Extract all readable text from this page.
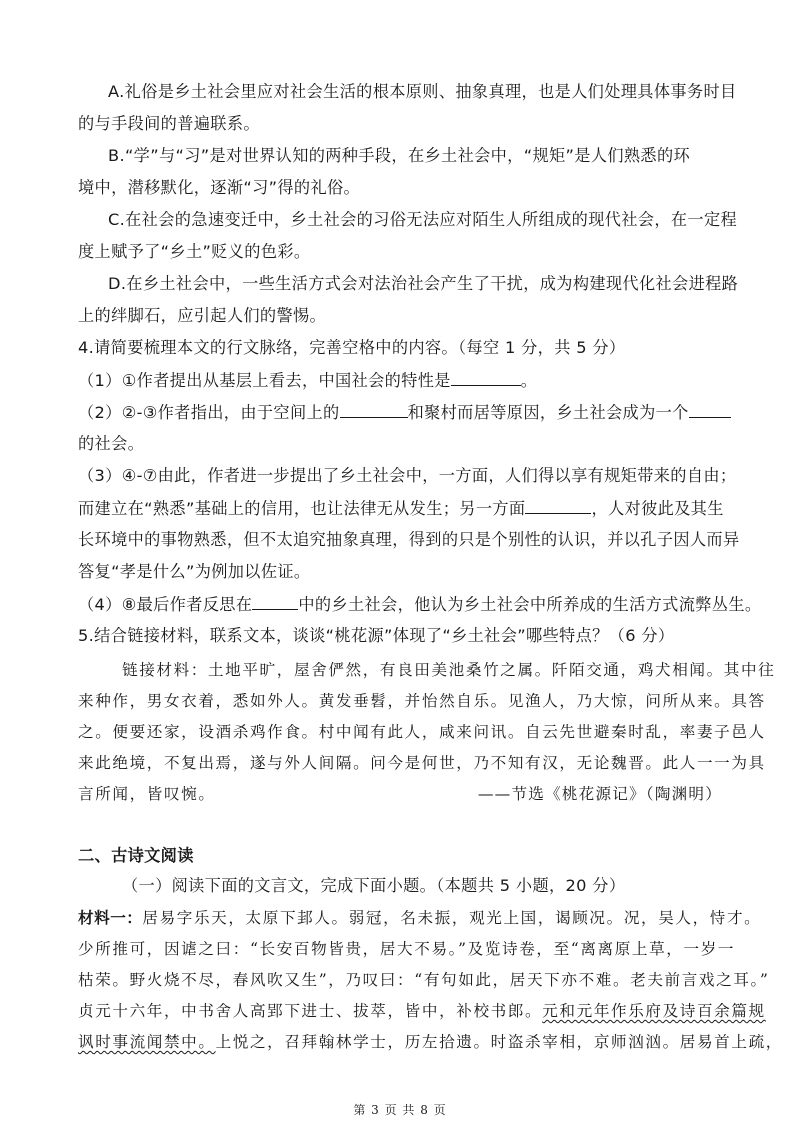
A.礼俗是乡土社会里应对社会生活的根本原则、抽象真理，也是人们处理具体事务时目
的与手段间的普遍联系。
B.“学”与“习”是对世界认知的两种手段，在乡土社会中，“规矩”是人们熟悉的环
境中，潜移默化，逐渐“习”得的礼俗。
C.在社会的急速变迁中，乡土社会的习俗无法应对陌生人所组成的现代社会，在一定程
度上赋予了“乡土”贬义的色彩。
D.在乡土社会中，一些生活方式会对法治社会产生了干扰，成为构建现代化社会进程路
上的绊脚石，应引起人们的警惕。
4.请简要梳理本文的行文脉络，完善空格中的内容。（每空 1 分，共 5 分）
（1）①作者提出从基层上看去，中国社会的特性是	。
（2）②-③作者指出，由于空间上的	和聚村而居等原因，乡土社会成为一个
的社会。
（3）④-⑦由此，作者进一步提出了乡土社会中，一方面，人们得以享有规矩带来的自由；
而建立在“熟悉”基础上的信用，也让法律无从发生；另一方面	，人对彼此及其生
长环境中的事物熟悉，但不太追究抽象真理，得到的只是个别性的认识，并以孔子因人而异
答复“孝是什么”为例加以佐证。
（4）⑧最后作者反思在	中的乡土社会，他认为乡土社会中所养成的生活方式流弊丛生。
5.结合链接材料，联系文本，谈谈“桃花源”体现了“乡土社会”哪些特点？（6 分）
链接材料：土地平旷，屋舍俨然，有良田美池桑竹之属。阡陌交通，鸡犬相闻。其中往
来种作，男女衣着，悉如外人。黄发垂髫，并怡然自乐。见渔人，乃大惊，问所从来。具答
之。便要还家，设酒杀鸡作食。村中闻有此人，咸来问讯。自云先世避秦时乱，率妻子邑人
来此绝境，不复出焉，遂与外人间隔。问今是何世，乃不知有汉，无论魏晋。此人一一为具
言所闻，皆叹惋。	——节选《桃花源记》（陶渊明）
二、古诗文阅读
（一）阅读下面的文言文，完成下面小题。（本题共 5 小题，20 分）
材料一：居易字乐天，太原下邽人。弱冠，名未振，观光上国，谒顾况。况，吴人，恃才。
少所推可，因谑之曰：“长安百物皆贵，居大不易。”及览诗卷，至“离离原上草，一岁一
枯荣。野火烧不尽，春风吹又生”，乃叹曰：“有句如此，居天下亦不难。老夫前言戏之耳。”
贞元十六年，中书舍人高郢下进士、拔萃，皆中，补校书郎。元和元年作乐府及诗百余篇规
讽时事流闻禁中。上悦之，召拜翰林学士，历左拾遗。时盗杀宰相，京师汹汹。居易首上疏，
第 3 页 共 8 页
